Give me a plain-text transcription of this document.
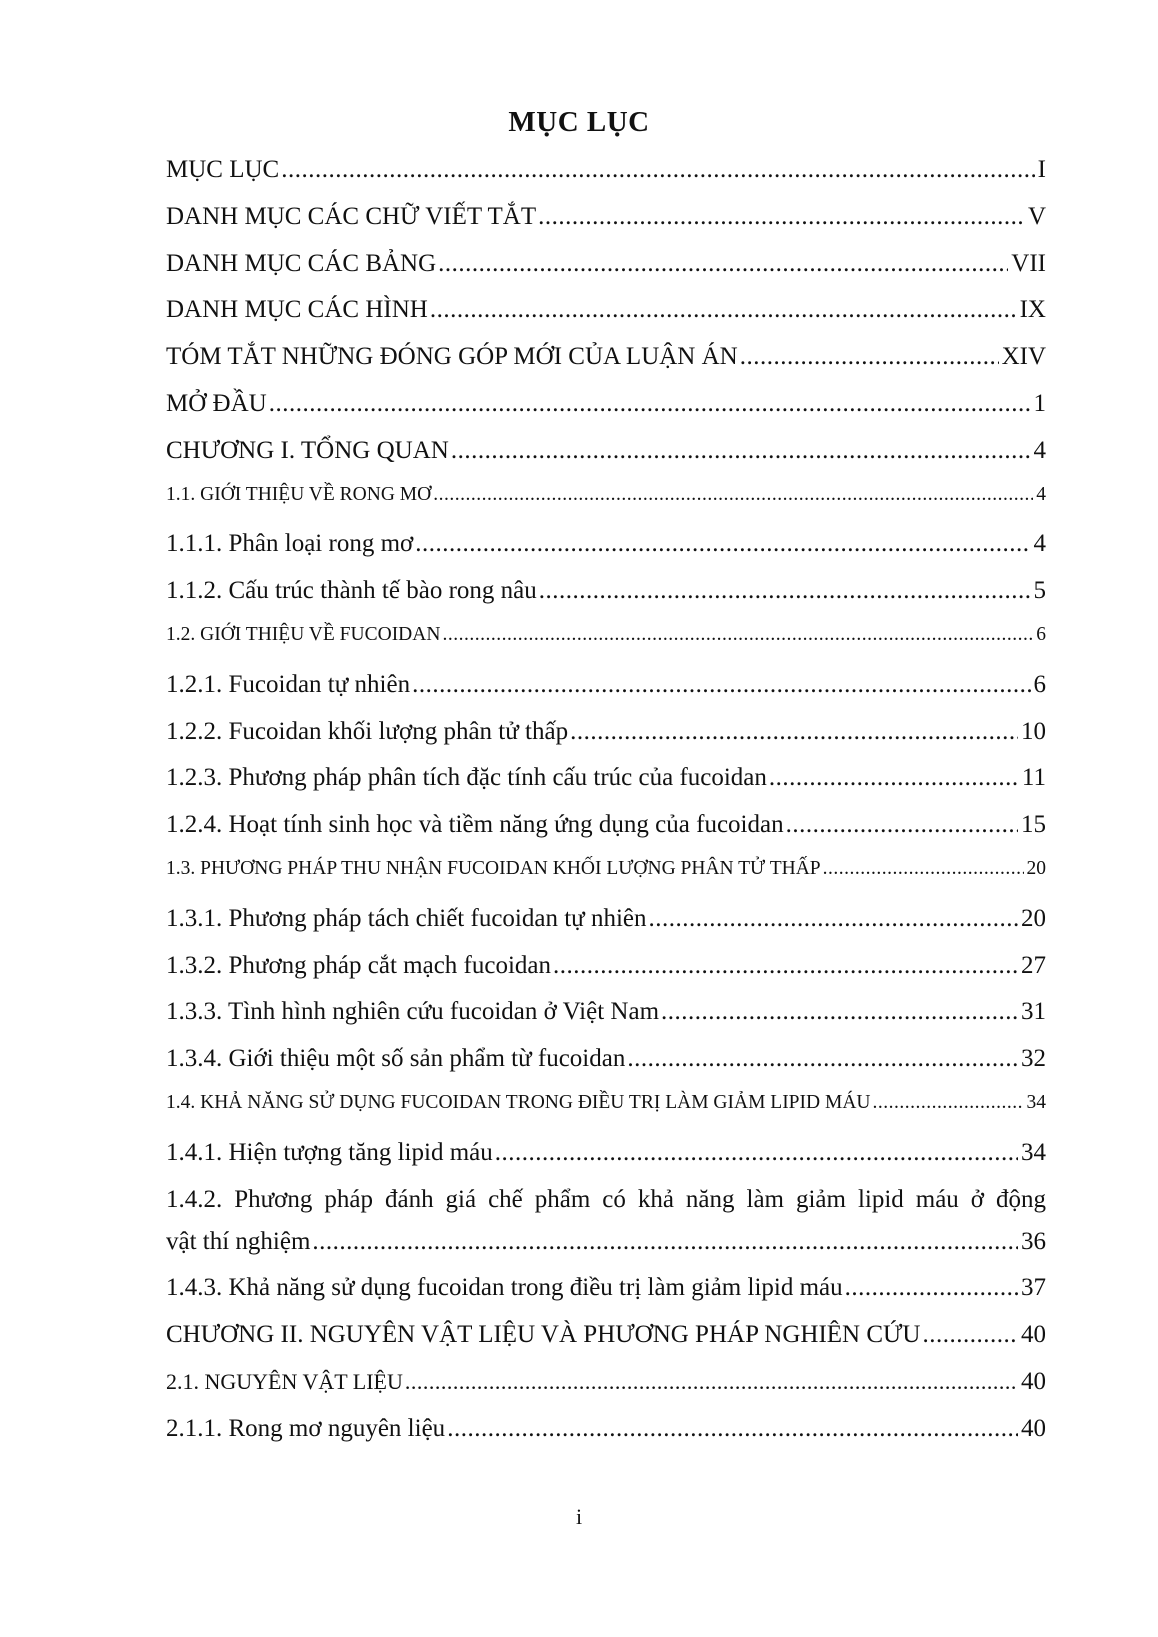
MỤC LỤC
MỤC LỤC .....	I
DANH MỤC CÁC CHỮ VIẾT TẮT .....	V
DANH MỤC CÁC BẢNG .....	VII
DANH MỤC CÁC HÌNH .....	IX
TÓM TẮT NHỮNG ĐÓNG GÓP MỚI CỦA LUẬN ÁN .....	XIV
MỞ ĐẦU .....	1
CHƯƠNG I. TỔNG QUAN .....	4
1.1. GIỚI THIỆU VỀ RONG MƠ .....	4
1.1.1. Phân loại rong mơ .....	4
1.1.2. Cấu trúc thành tế bào rong nâu .....	5
1.2. GIỚI THIỆU VỀ FUCOIDAN .....	6
1.2.1. Fucoidan tự nhiên .....	6
1.2.2. Fucoidan khối lượng phân tử thấp .....	10
1.2.3. Phương pháp phân tích đặc tính cấu trúc của fucoidan .....	11
1.2.4. Hoạt tính sinh học và tiềm năng ứng dụng của fucoidan .....	15
1.3. PHƯƠNG PHÁP THU NHẬN FUCOIDAN KHỐI LƯỢNG PHÂN TỬ THẤP .....	20
1.3.1. Phương pháp tách chiết fucoidan tự nhiên .....	20
1.3.2. Phương pháp cắt mạch fucoidan .....	27
1.3.3. Tình hình nghiên cứu fucoidan ở Việt Nam .....	31
1.3.4. Giới thiệu một số sản phẩm từ fucoidan .....	32
1.4. KHẢ NĂNG SỬ DỤNG FUCOIDAN TRONG ĐIỀU TRỊ LÀM GIẢM LIPID MÁU .....	34
1.4.1. Hiện tượng tăng lipid máu .....	34
1.4.2. Phương pháp đánh giá chế phẩm có khả năng làm giảm lipid máu ở động
vật thí nghiệm .....	36
1.4.3. Khả năng sử dụng fucoidan trong điều trị làm giảm lipid máu .....	37
CHƯƠNG II. NGUYÊN VẬT LIỆU VÀ PHƯƠNG PHÁP NGHIÊN CỨU .....	40
2.1. NGUYÊN VẬT LIỆU .....	40
2.1.1. Rong mơ nguyên liệu .....	40
i
